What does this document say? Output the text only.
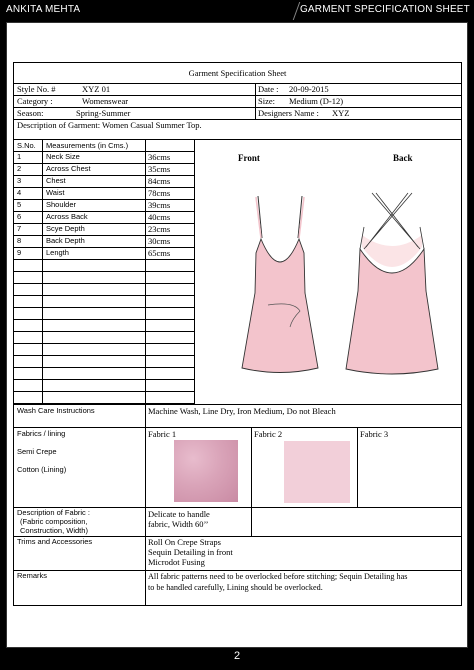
ANKITA MEHTA	GARMENT SPECIFICATION SHEET
Garment Specification Sheet
Style No. #	XYZ 01	Date : 20-09-2015
Category :	Womenswear	Size: Medium (D-12)
Season:	Spring-Summer	Designers Name : XYZ
Description of Garment: Women Casual Summer Top.
S.No. Measurements (in Cms.)
1	Neck Size	36cms
2	Across Chest	35cms
3	Chest	84cms
4	Waist	78cms
5	Shoulder	39cms
6	Across Back	40cms
7	Scye Depth	23cms
8	Back Depth	30cms
9	Length	65cms
Front	Back
Wash Care Instructions	Machine Wash, Line Dry, Iron Medium, Do not Bleach
Fabrics / lining
Semi Crepe
Cotton (Lining)
Fabric 1	Fabric 2	Fabric 3
Description of Fabric :
(Fabric composition,
Construction, Width)
Delicate to handle
fabric, Width 60’’
Trims and Accessories	Roll On Crepe Straps
Sequin Detailing in front
Microdot Fusing
Remarks	All fabric patterns need to be overlocked before stitching; Sequin Detailing has
to be handled carefully, Lining should be overlocked.
2
